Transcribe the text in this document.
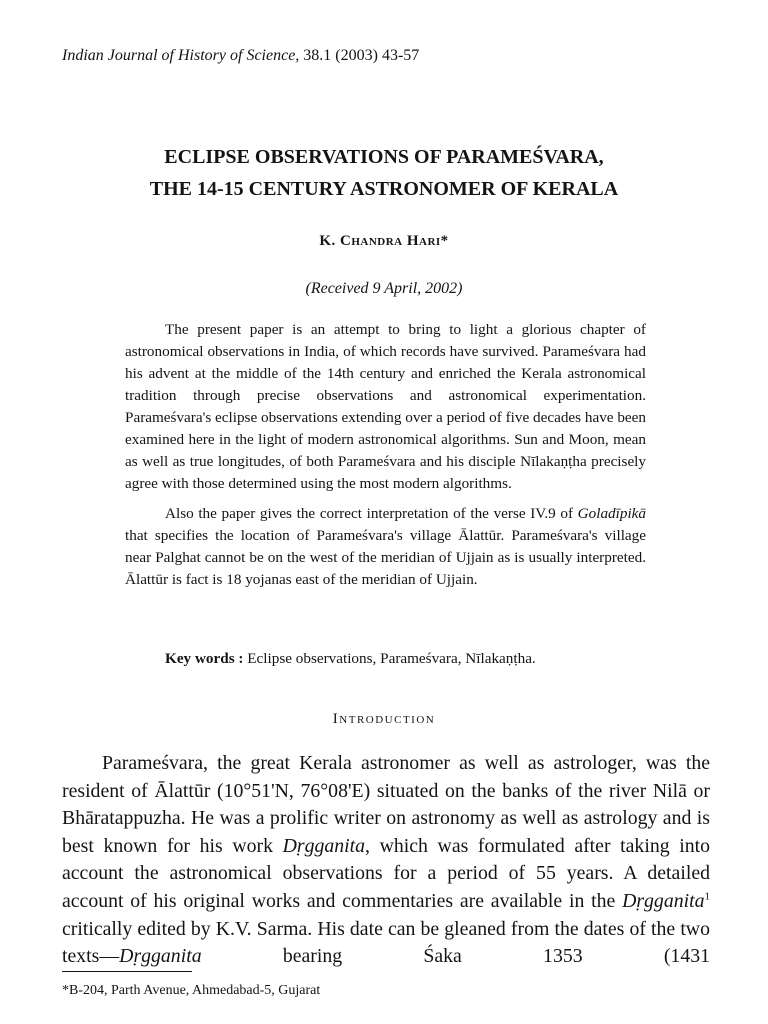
Indian Journal of History of Science, 38.1 (2003) 43-57
ECLIPSE OBSERVATIONS OF PARAMEŚVARA,
THE 14-15 CENTURY ASTRONOMER OF KERALA
K. Chandra Hari*
(Received 9 April, 2002)

The present paper is an attempt to bring to light a glorious chapter of astronomical observations in India, of which records have survived. Parameśvara had his advent at the middle of the 14th century and enriched the Kerala astronomical tradition through precise observations and astronomical experimentation. Parameśvara's eclipse observations extending over a period of five decades have been examined here in the light of modern astronomical algorithms. Sun and Moon, mean as well as true longitudes, of both Parameśvara and his disciple Nīlakaṇṭha precisely agree with those determined using the most modern algorithms.

Also the paper gives the correct interpretation of the verse IV.9 of Goladīpikā that specifies the location of Parameśvara's village Ālattūr. Parameśvara's village near Palghat cannot be on the west of the meridian of Ujjain as is usually interpreted. Ālattūr is fact is 18 yojanas east of the meridian of Ujjain.

Key words : Eclipse observations, Parameśvara, Nīlakaṇṭha.
Introduction

Parameśvara, the great Kerala astronomer as well as astrologer, was the resident of Ālattūr (10°51'N, 76°08'E) situated on the banks of the river Nilā or Bhāratappuzha. He was a prolific writer on astronomy as well as astrology and is best known for his work Dṛgganita, which was formulated after taking into account the astronomical observations for a period of 55 years. A detailed account of his original works and commentaries are available in the Dṛgganita$^1$ critically edited by K.V. Sarma. His date can be gleaned from the dates of the two texts—Dṛgganita bearing Śaka 1353 (1431

*B-204, Parth Avenue, Ahmedabad-5, Gujarat
